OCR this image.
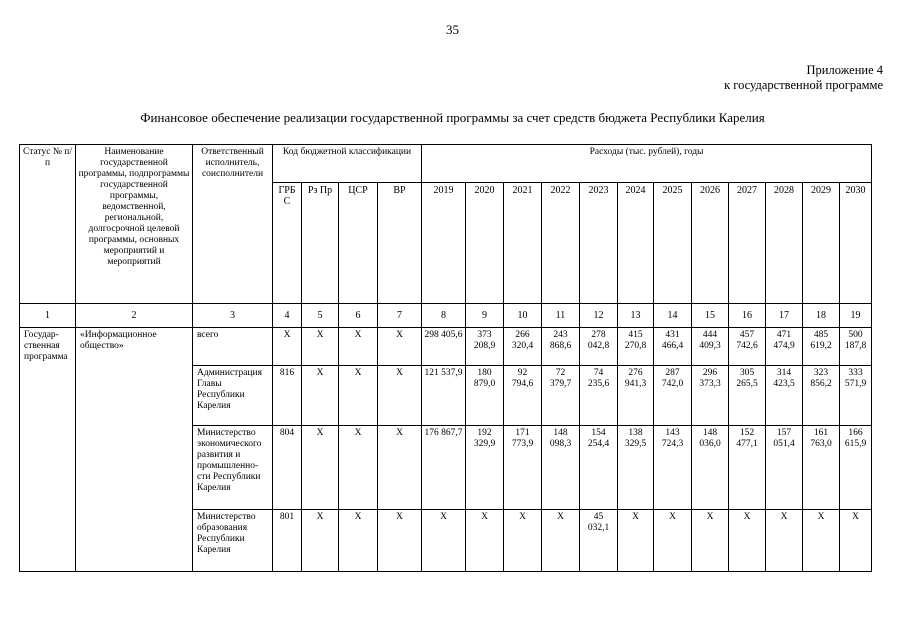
35
Приложение 4
к государственной программе
Финансовое обеспечение реализации государственной программы за счет средств бюджета Республики Карелия
Статус № п/п	Наименование государственной программы, подпрограммы государственной программы, ведомственной, региональной, долгосрочной целевой программы, основных мероприятий и мероприятий	Ответственный исполнитель, соисполнители	Код бюджетной классификации				Расходы (тыс. рублей), годы											
			ГРБ С	Рз Пр	ЦСР	ВР	2019	2020	2021	2022	2023	2024	2025	2026	2027	2028	2029	2030
1	2	3	4	5	6	7	8	9	10	11	12	13	14	15	16	17	18	19
Государ-ственная программа	«Информационное общество»	всего	Х	Х	Х	Х	298 405,6	373 208,9	266 320,4	243 868,6	278 042,8	415 270,8	431 466,4	444 409,3	457 742,6	471 474,9	485 619,2	500 187,8
		Администрация Главы Республики Карелия	816	Х	Х	Х	121 537,9	180 879,0	92 794,6	72 379,7	74 235,6	276 941,3	287 742,0	296 373,3	305 265,5	314 423,5	323 856,2	333 571,9
		Министерство экономического развития и промышленно-сти Республики Карелия	804	Х	Х	Х	176 867,7	192 329,9	171 773,9	148 098,3	154 254,4	138 329,5	143 724,3	148 036,0	152 477,1	157 051,4	161 763,0	166 615,9
		Министерство образования Республики Карелия	801	Х	Х	Х	Х	Х	Х	Х	45 032,1	Х	Х	Х	Х	Х	Х	Х
